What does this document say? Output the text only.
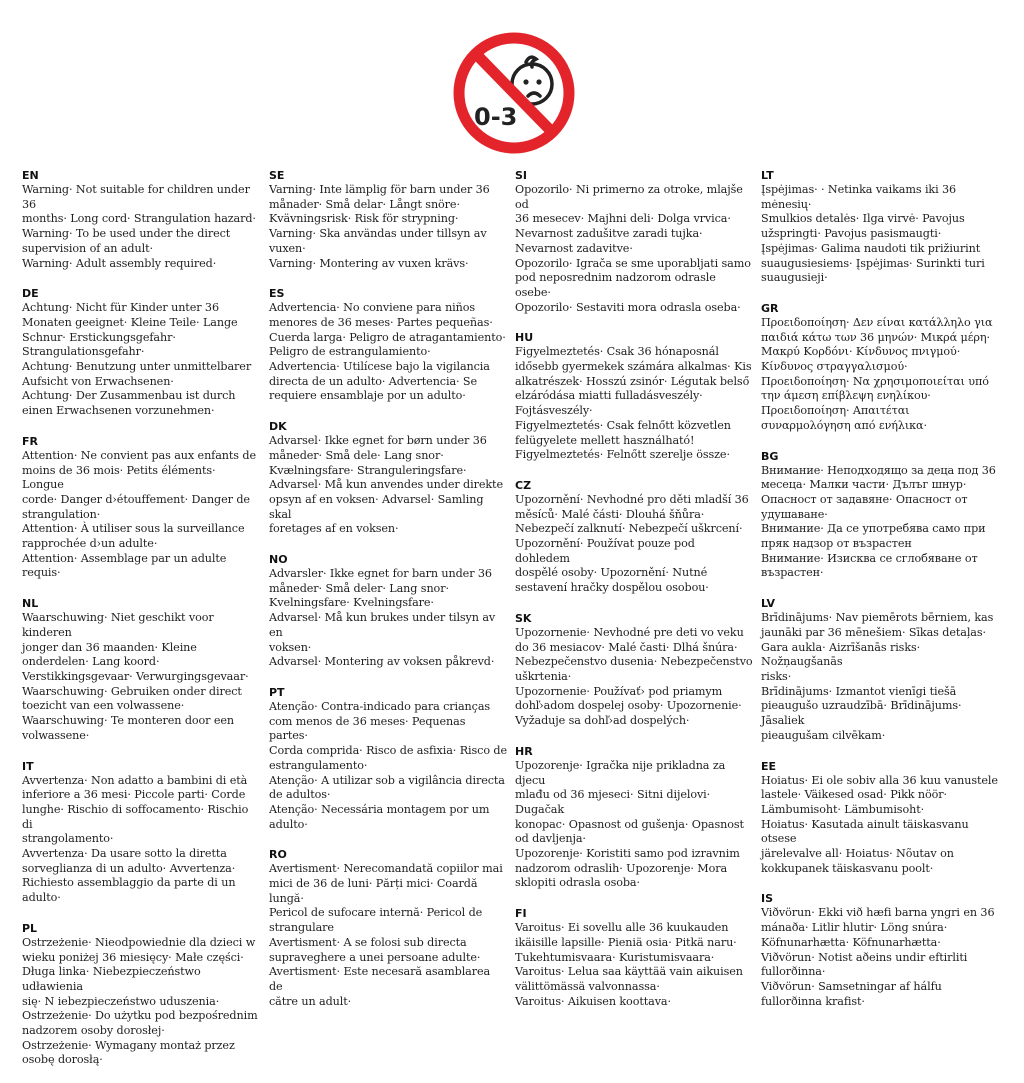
0-3
EN
Warning· Not suitable for children under 36
months· Long cord· Strangulation hazard·
Warning· To be used under the direct
supervision of an adult·
Warning· Adult assembly required·
DE
Achtung· Nicht für Kinder unter 36
Monaten geeignet· Kleine Teile· Lange
Schnur· Erstickungsgefahr·
Strangulationsgefahr·
Achtung· Benutzung unter unmittelbarer
Aufsicht von Erwachsenen·
Achtung· Der Zusammenbau ist durch
einen Erwachsenen vorzunehmen·
FR
Attention· Ne convient pas aux enfants de
moins de 36 mois· Petits éléments· Longue
corde· Danger d›étouffement· Danger de
strangulation·
Attention· À utiliser sous la surveillance
rapprochée d›un adulte·
Attention· Assemblage par un adulte
requis·
NL
Waarschuwing· Niet geschikt voor kinderen
jonger dan 36 maanden· Kleine
onderdelen· Lang koord·
Verstikkingsgevaar· Verwurgingsgevaar·
Waarschuwing· Gebruiken onder direct
toezicht van een volwassene·
Waarschuwing· Te monteren door een
volwassene·
IT
Avvertenza· Non adatto a bambini di età
inferiore a 36 mesi· Piccole parti· Corde
lunghe· Rischio di soffocamento· Rischio di
strangolamento·
Avvertenza· Da usare sotto la diretta
sorveglianza di un adulto· Avvertenza·
Richiesto assemblaggio da parte di un
adulto·
PL
Ostrzeżenie· Nieodpowiednie dla dzieci w
wieku poniżej 36 miesięcy· Małe części·
Długa linka· Niebezpieczeństwo udławienia
się· N iebezpieczeństwo uduszenia·
Ostrzeżenie· Do użytku pod bezpośrednim
nadzorem osoby dorosłej·
Ostrzeżenie· Wymagany montaż przez
osobę dorosłą·
SE
Varning· Inte lämplig för barn under 36
månader· Små delar· Långt snöre·
Kvävningsrisk· Risk för strypning·
Varning· Ska användas under tillsyn av
vuxen·
Varning· Montering av vuxen krävs·
ES
Advertencia· No conviene para niños
menores de 36 meses· Partes pequeñas·
Cuerda larga· Peligro de atragantamiento·
Peligro de estrangulamiento·
Advertencia· Utilícese bajo la vigilancia
directa de un adulto· Advertencia· Se
requiere ensamblaje por un adulto·
DK
Advarsel· Ikke egnet for børn under 36
måneder· Små dele· Lang snor·
Kvælningsfare· Stranguleringsfare·
Advarsel· Må kun anvendes under direkte
opsyn af en voksen· Advarsel· Samling skal
foretages af en voksen·
NO
Advarsler· Ikke egnet for barn under 36
måneder· Små deler· Lang snor·
Kvelningsfare· Kvelningsfare·
Advarsel· Må kun brukes under tilsyn av en
voksen·
Advarsel· Montering av voksen påkrevd·
PT
Atenção· Contra-indicado para crianças
com menos de 36 meses· Pequenas partes·
Corda comprida· Risco de asfixia· Risco de
estrangulamento·
Atenção· A utilizar sob a vigilância directa
de adultos·
Atenção· Necessária montagem por um
adulto·
RO
Avertisment· Nerecomandată copiilor mai
mici de 36 de luni· Părți mici· Coardă lungă·
Pericol de sufocare internă· Pericol de
strangulare
Avertisment· A se folosi sub directa
supraveghere a unei persoane adulte·
Avertisment· Este necesară asamblarea de
către un adult·
SI
Opozorilo· Ni primerno za otroke, mlajše od
36 mesecev· Majhni deli· Dolga vrvica·
Nevarnost zadušitve zaradi tujka·
Nevarnost zadavitve·
Opozorilo· Igrača se sme uporabljati samo
pod neposrednim nadzorom odrasle osebe·
Opozorilo· Sestaviti mora odrasla oseba·
HU
Figyelmeztetés· Csak 36 hónaposnál
idősebb gyermekek számára alkalmas· Kis
alkatrészek· Hosszú zsinór· Légutak belső
elzáródása miatti fulladásveszély·
Fojtásveszély·
Figyelmeztetés· Csak felnőtt közvetlen
felügyelete mellett használható!
Figyelmeztetés· Felnőtt szerelje össze·
CZ
Upozornění· Nevhodné pro děti mladší 36
měsíců· Malé části· Dlouhá šňůra·
Nebezpečí zalknutí· Nebezpečí uškrcení·
Upozornění· Používat pouze pod dohledem
dospělé osoby· Upozornění· Nutné
sestavení hračky dospělou osobou·
SK
Upozornenie· Nevhodné pre deti vo veku
do 36 mesiacov· Malé časti· Dlhá šnúra·
Nebezpečenstvo dusenia· Nebezpečenstvo
uškrtenia·
Upozornenie· Používať› pod priamym
dohľ›adom dospelej osoby· Upozornenie·
Vyžaduje sa dohľ›ad dospelých·
HR
Upozorenje· Igračka nije prikladna za djecu
mlađu od 36 mjeseci· Sitni dijelovi· Dugačak
konopac· Opasnost od gušenja· Opasnost
od davljenja·
Upozorenje· Koristiti samo pod izravnim
nadzorom odraslih· Upozorenje· Mora
sklopiti odrasla osoba·
FI
Varoitus· Ei sovellu alle 36 kuukauden
ikäisille lapsille· Pieniä osia· Pitkä naru·
Tukehtumisvaara· Kuristumisvaara·
Varoitus· Lelua saa käyttää vain aikuisen
välittömässä valvonnassa·
Varoitus· Aikuisen koottava·
LT
Įspėjimas· · Netinka vaikams iki 36 mėnesių·
Smulkios detalės· Ilga virvė· Pavojus
užspringti· Pavojus pasismaugti·
Įspėjimas· Galima naudoti tik prižiurint
suaugusiesiems· Įspėjimas· Surinkti turi
suaugusieji·
GR
Προειδοποίηση· Δεν είναι κατάλληλο για
παιδιά κάτω των 36 μηνών· Μικρά μέρη·
Μακρύ Κορδόνι· Κίνδυνος πνιγμού·
Κίνδυνος στραγγαλισμού·
Προειδοποίηση· Να χρησιμοποιείται υπό
την άμεση επίβλεψη ενηλίκου·
Προειδοποίηση· Απαιτέται
συναρμολόγηση από ενήλικα·
BG
Внимание· Неподходящо за деца под 36
месеца· Малки части· Дълъг шнур·
Опасност от задавяне· Опасност от
удушаване·
Внимание· Да се употребява само при
пряк надзор от възрастен
Внимание· Изисква се сглобяване от
възрастен·
LV
Brīdinājums· Nav piemērots bērniem, kas
jaunāki par 36 mēnešiem· Sīkas detaļas·
Gara aukla· Aizrīšanās risks· Nožņaugšanās
risks·
Brīdinājums· Izmantot vienīgi tiešā
pieaugušo uzraudzībā· Brīdinājums· Jāsaliek
pieaugušam cilvēkam·
EE
Hoiatus· Ei ole sobiv alla 36 kuu vanustele
lastele· Väikesed osad· Pikk nöör·
Lämbumisoht· Lämbumisoht·
Hoiatus· Kasutada ainult täiskasvanu otsese
järelevalve all· Hoiatus· Nõutav on
kokkupanek täiskasvanu poolt·
IS
Viðvörun· Ekki við hæfi barna yngri en 36
mánaða· Litlir hlutir· Löng snúra·
Köfnunarhætta· Köfnunarhætta·
Viðvörun· Notist aðeins undir eftirliti
fullorðinna·
Viðvörun· Samsetningar af hálfu
fullorðinna krafist·
